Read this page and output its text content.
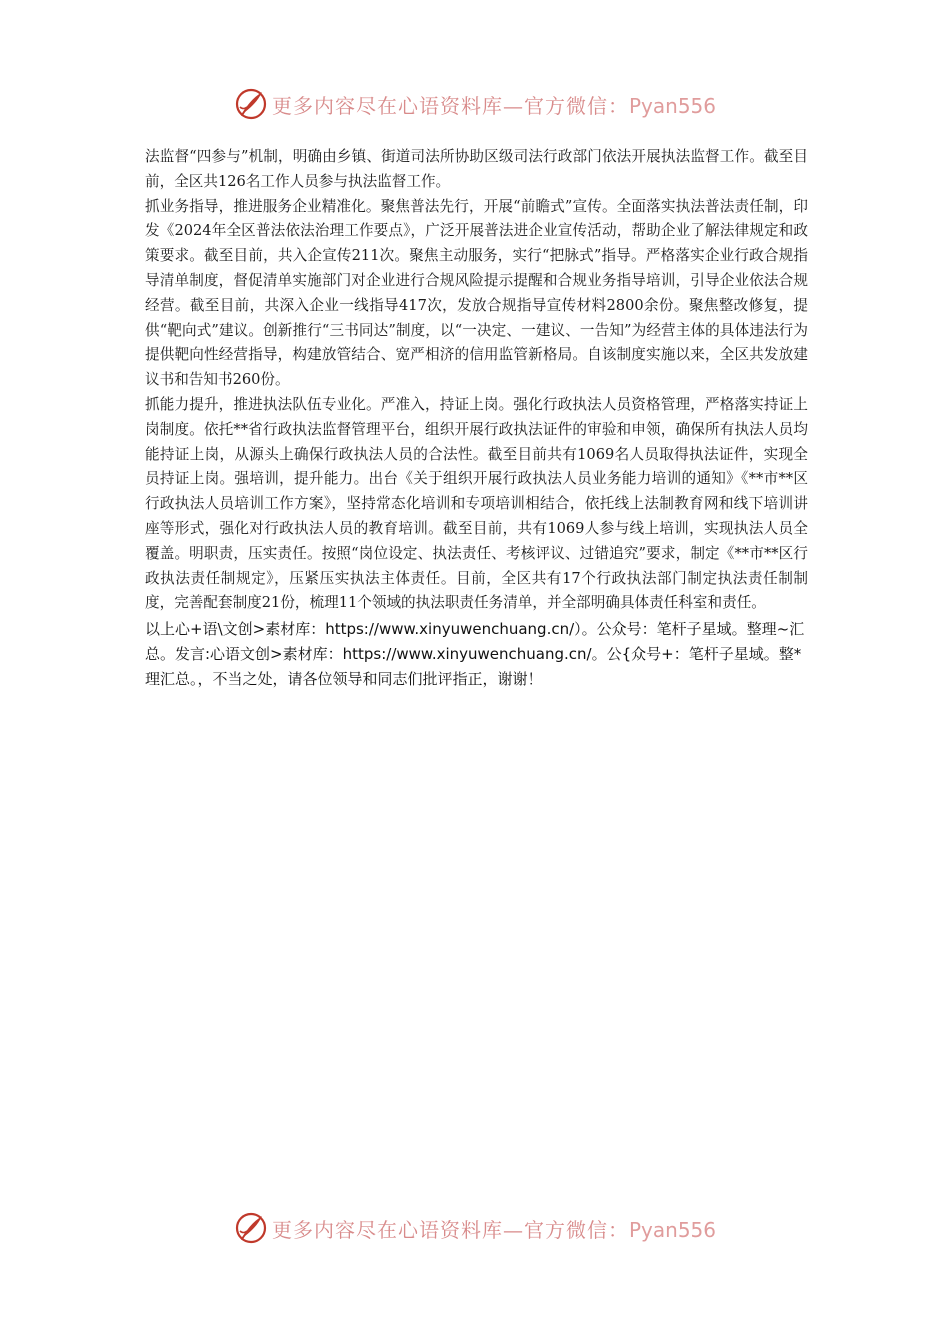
更多内容尽在心语资料库—官方微信：Pyan556

法监督“四参与”机制，明确由乡镇、街道司法所协助区级司法行政部门依法开展执法监督工作。截至目前，全区共126名工作人员参与执法监督工作。

抓业务指导，推进服务企业精准化。聚焦普法先行，开展“前瞻式”宣传。全面落实执法普法责任制，印发《2024年全区普法依法治理工作要点》，广泛开展普法进企业宣传活动，帮助企业了解法律规定和政策要求。截至目前，共入企宣传211次。聚焦主动服务，实行“把脉式”指导。严格落实企业行政合规指导清单制度，督促清单实施部门对企业进行合规风险提示提醒和合规业务指导培训，引导企业依法合规经营。截至目前，共深入企业一线指导417次，发放合规指导宣传材料2800余份。聚焦整改修复，提供“靶向式”建议。创新推行“三书同达”制度，以“一决定、一建议、一告知”为经营主体的具体违法行为提供靶向性经营指导，构建放管结合、宽严相济的信用监管新格局。自该制度实施以来，全区共发放建议书和告知书260份。

抓能力提升，推进执法队伍专业化。严准入，持证上岗。强化行政执法人员资格管理，严格落实持证上岗制度。依托**省行政执法监督管理平台，组织开展行政执法证件的审验和申领，确保所有执法人员均能持证上岗，从源头上确保行政执法人员的合法性。截至目前共有1069名人员取得执法证件，实现全员持证上岗。强培训，提升能力。出台《关于组织开展行政执法人员业务能力培训的通知》《**市**区行政执法人员培训工作方案》，坚持常态化培训和专项培训相结合，依托线上法制教育网和线下培训讲座等形式，强化对行政执法人员的教育培训。截至目前，共有1069人参与线上培训，实现执法人员全覆盖。明职责，压实责任。按照“岗位设定、执法责任、考核评议、过错追究”要求，制定《**市**区行政执法责任制规定》，压紧压实执法主体责任。目前，全区共有17个行政执法部门制定执法责任制制度，完善配套制度21份，梳理11个领域的执法职责任务清单，并全部明确具体责任科室和责任。

以上心+语\文创>素材库：https://www.xinyuwenchuang.cn/）。公众号：笔杆子星域。整理~汇总。发言:心语文创>素材库：https://www.xinyuwenchuang.cn/。公{众号+：笔杆子星域。整*理汇总。，不当之处，请各位领导和同志们批评指正，谢谢！

更多内容尽在心语资料库—官方微信：Pyan556
